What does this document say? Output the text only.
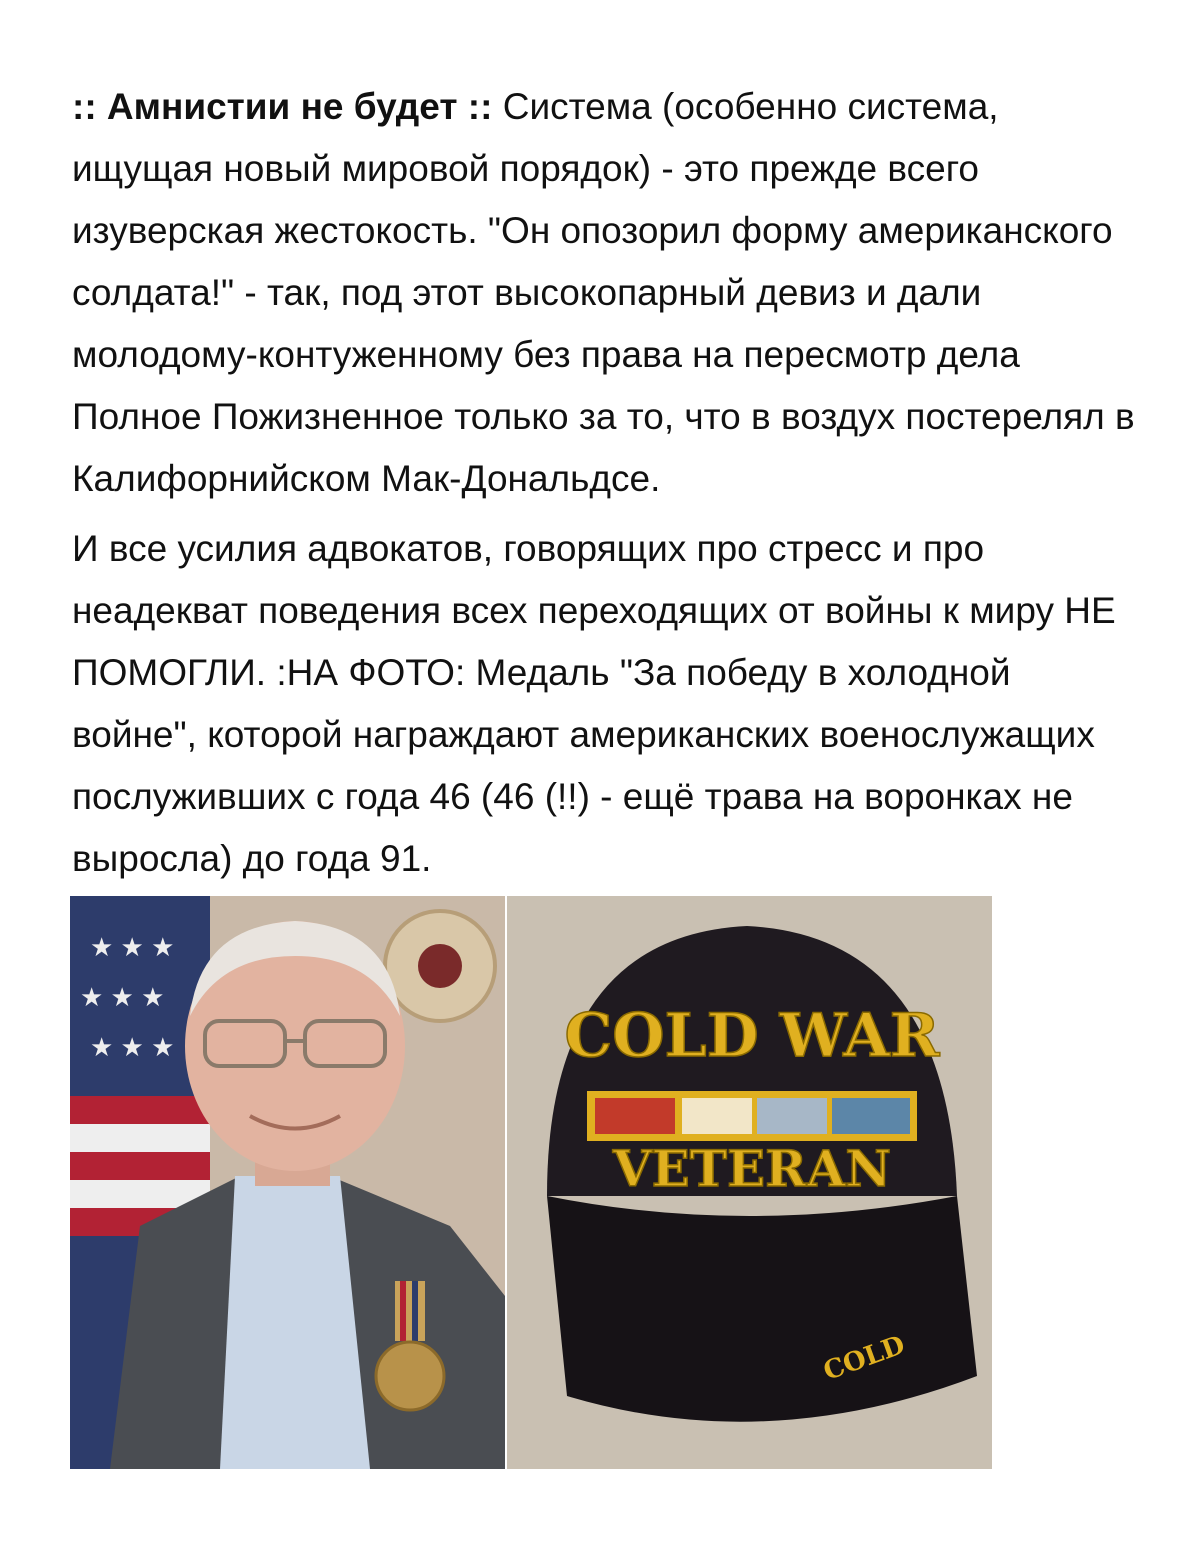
:: Амнистии не будет :: Система (особенно система, ищущая новый мировой порядок) - это прежде всего изуверская жестокость. "Он опозорил форму американского солдата!" - так, под этот высокопарный девиз и дали молодому-контуженному без права на пересмотр дела Полное Пожизненное только за то, что в воздух постерелял в Калифорнийском Мак-Дональдсе.

И все усилия адвокатов, говорящих про стресс и про неадекват поведения всех переходящих от войны к миру НЕ ПОМОГЛИ. :НА ФОТО: Медаль "За победу в холодной войне", которой награждают американских военослужащих послуживших с года 46 (46 (!!) - ещё трава на воронках не выросла) до года 91.

★ ★ ★
★ ★ ★
★ ★ ★	COLD WAR
VETERAN
COLD
